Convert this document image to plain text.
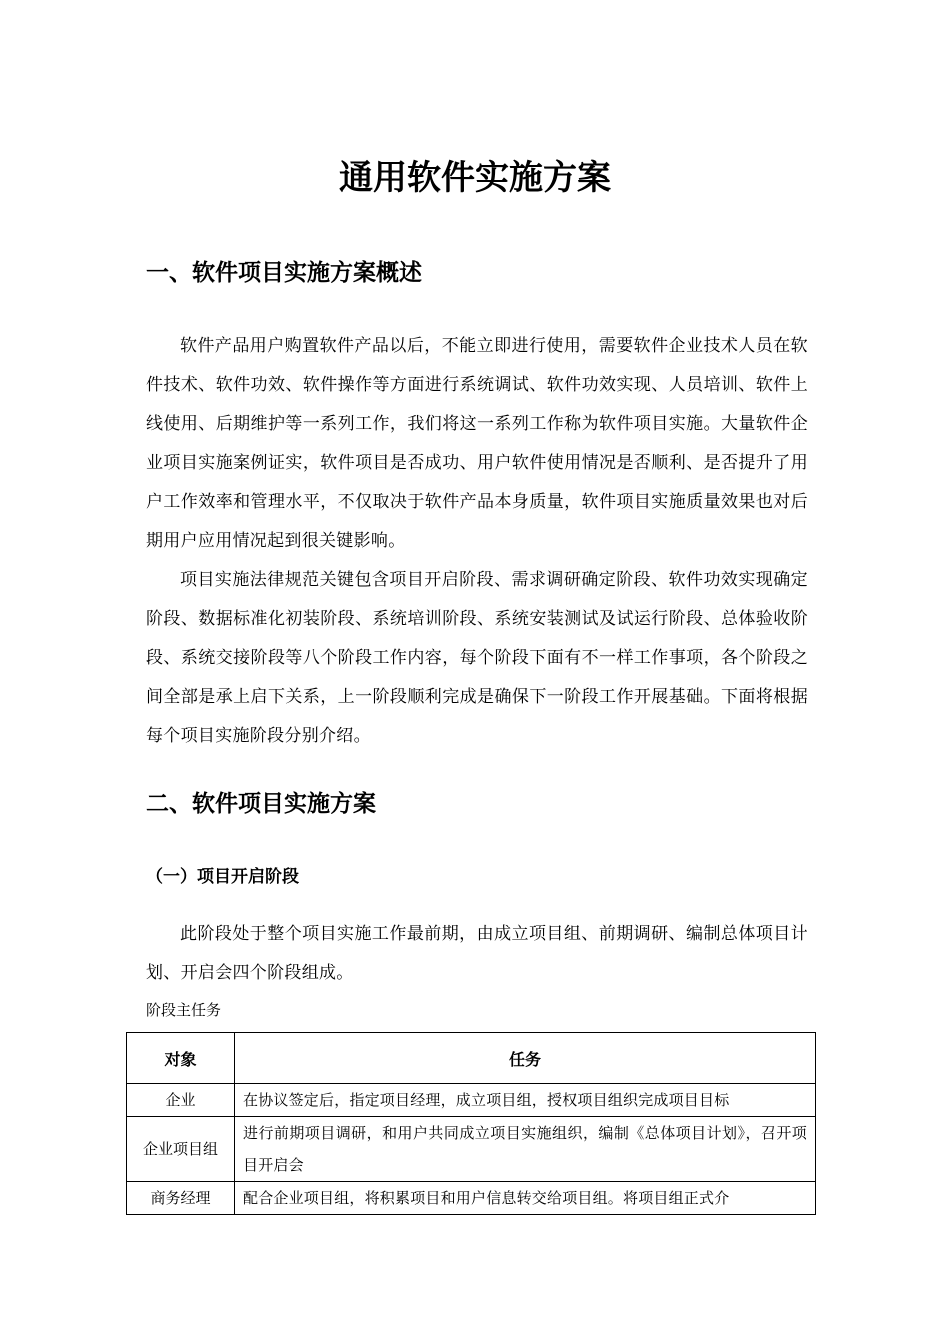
通用软件实施方案
一、软件项目实施方案概述

软件产品用户购置软件产品以后，不能立即进行使用，需要软件企业技术人员在软件技术、软件功效、软件操作等方面进行系统调试、软件功效实现、人员培训、软件上线使用、后期维护等一系列工作，我们将这一系列工作称为软件项目实施。大量软件企业项目实施案例证实，软件项目是否成功、用户软件使用情况是否顺利、是否提升了用户工作效率和管理水平，不仅取决于软件产品本身质量，软件项目实施质量效果也对后期用户应用情况起到很关键影响。

项目实施法律规范关键包含项目开启阶段、需求调研确定阶段、软件功效实现确定阶段、数据标准化初装阶段、系统培训阶段、系统安装测试及试运行阶段、总体验收阶段、系统交接阶段等八个阶段工作内容，每个阶段下面有不一样工作事项，各个阶段之间全部是承上启下关系，上一阶段顺利完成是确保下一阶段工作开展基础。下面将根据每个项目实施阶段分别介绍。

二、软件项目实施方案
（一）项目开启阶段

此阶段处于整个项目实施工作最前期，由成立项目组、前期调研、编制总体项目计划、开启会四个阶段组成。

阶段主任务

对象	任务
企业	在协议签定后，指定项目经理，成立项目组，授权项目组织完成项目目标
企业项目组	进行前期项目调研，和用户共同成立项目实施组织，编制《总体项目计划》，召开项目开启会
商务经理	配合企业项目组，将积累项目和用户信息转交给项目组。将项目组正式介
